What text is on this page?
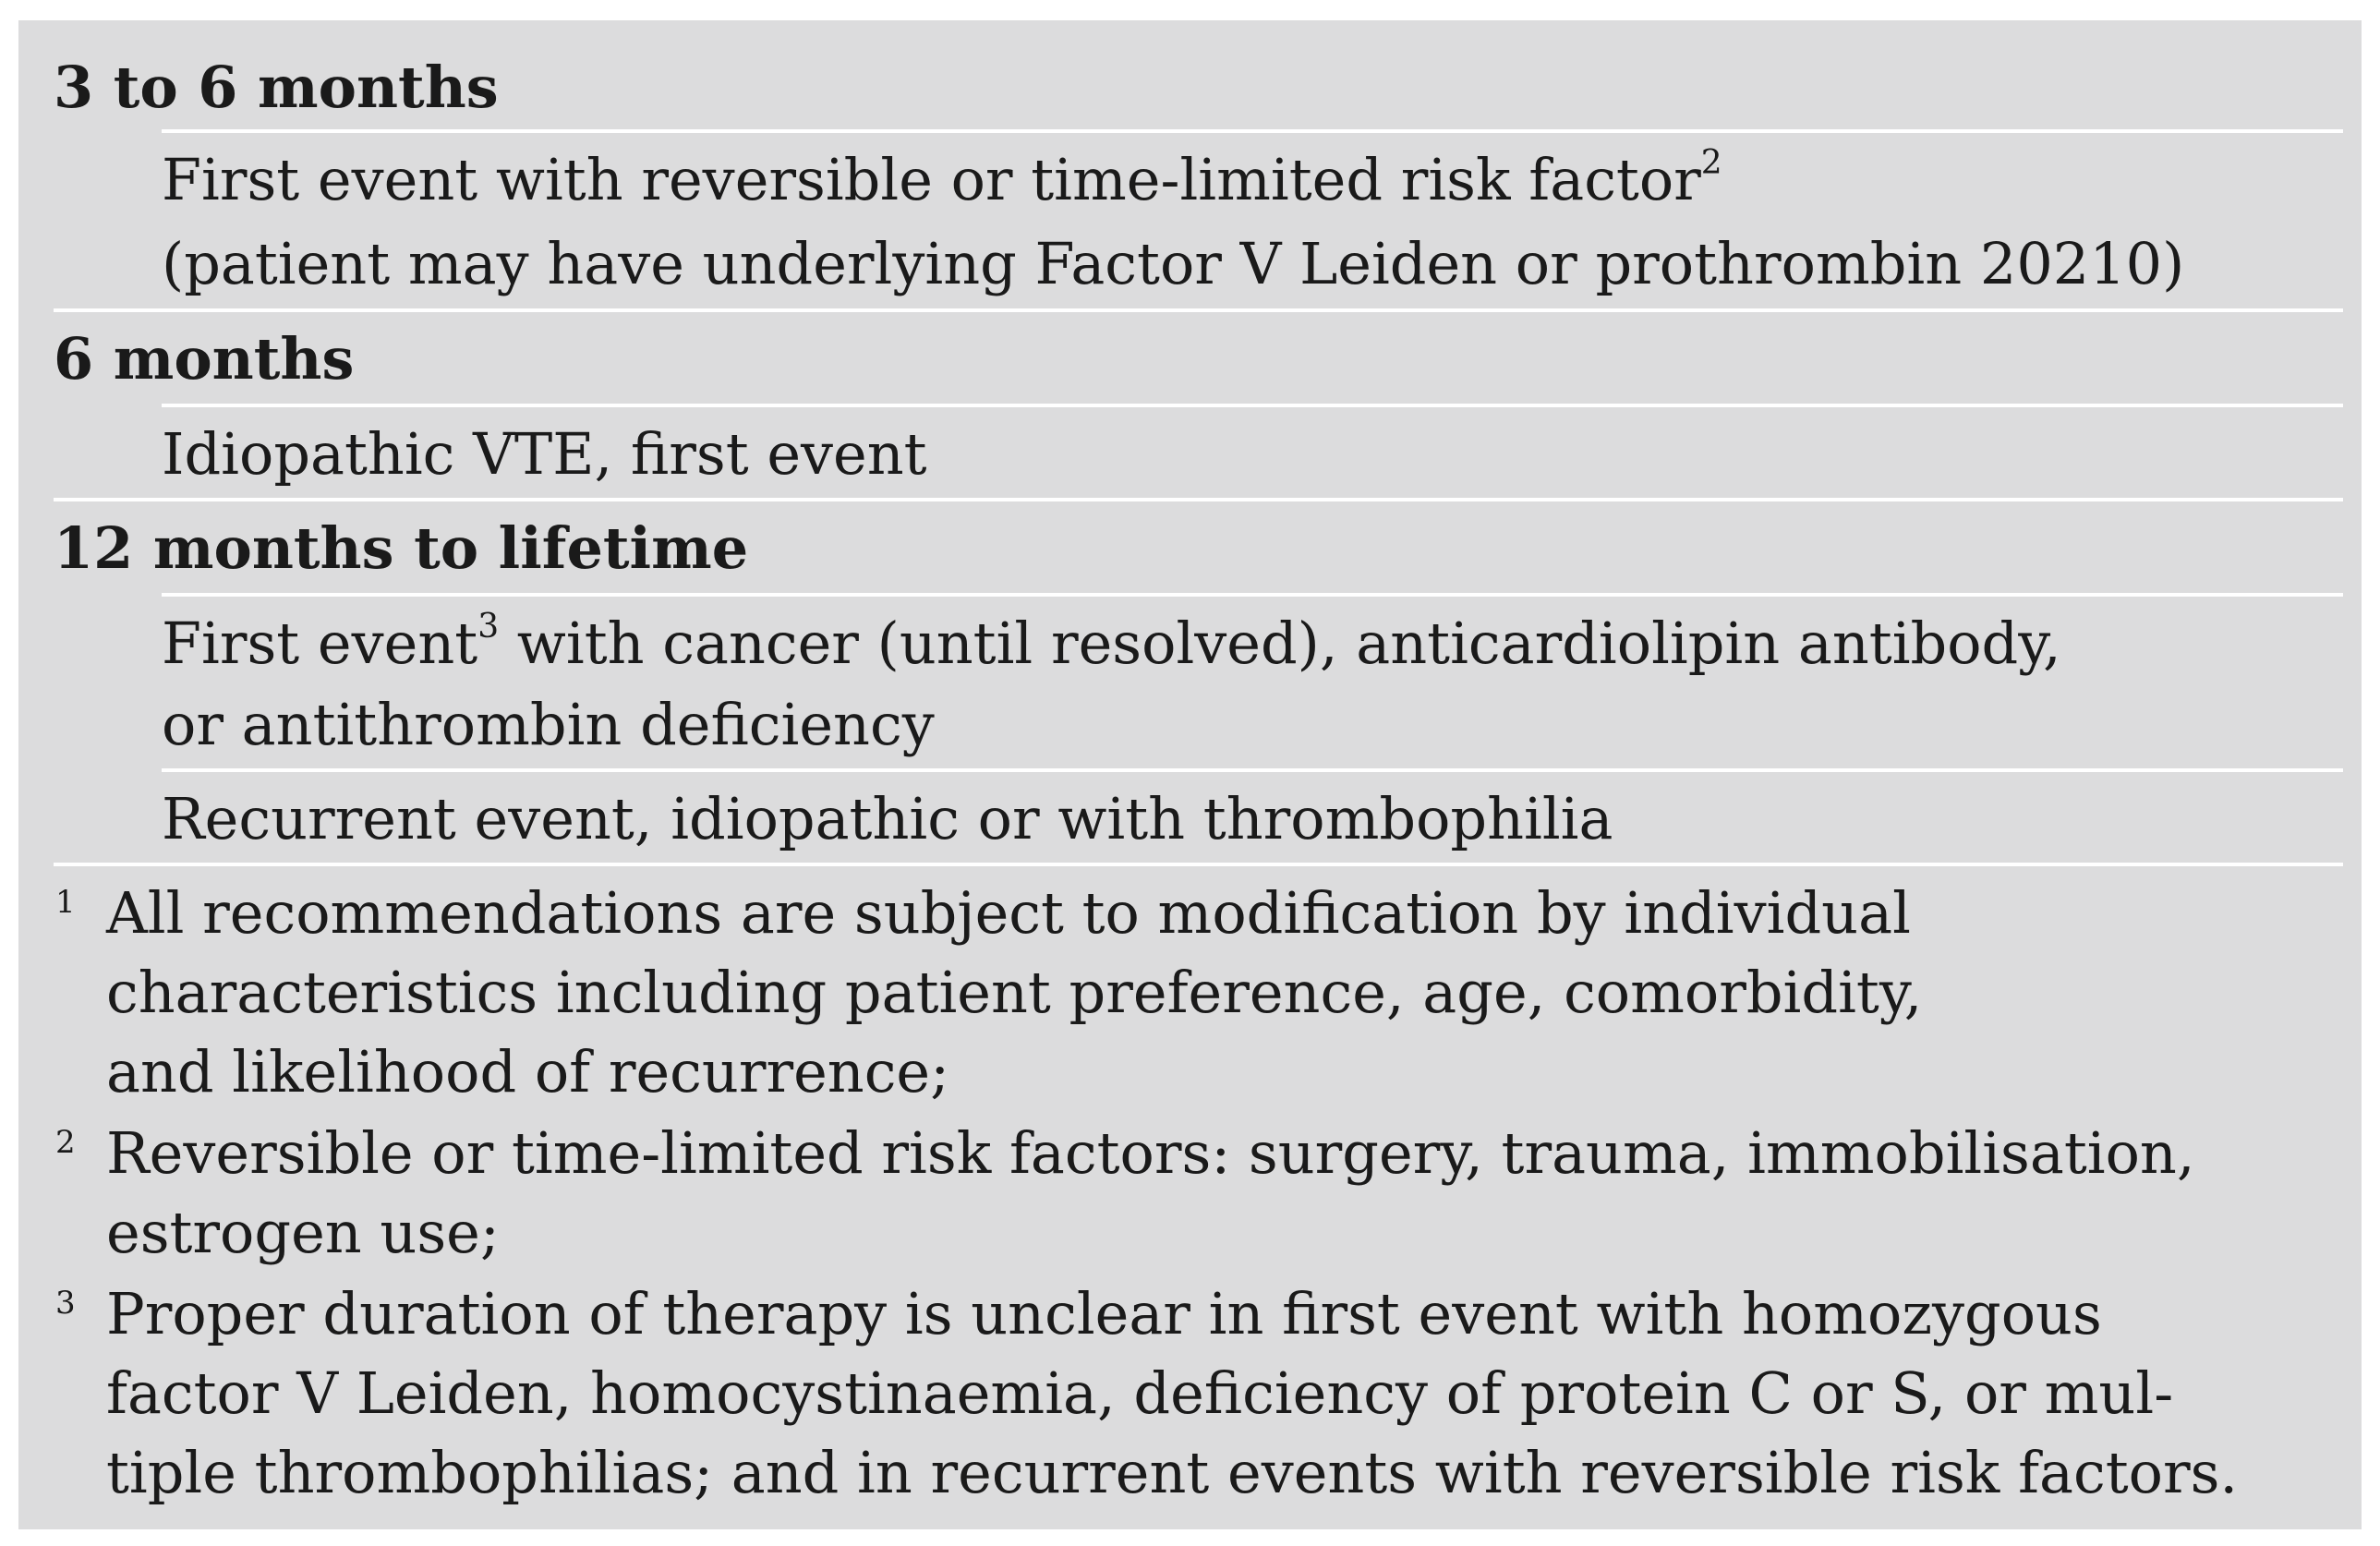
3 to 6 months
First event with reversible or time-limited risk factor$^2$
(patient may have underlying Factor V Leiden or prothrombin 20210)
6 months
Idiopathic VTE, first event
12 months to lifetime
First event$^3$ with cancer (until resolved), anticardiolipin antibody,
or antithrombin deficiency
Recurrent event, idiopathic or with thrombophilia
1 All recommendations are subject to modification by individual
characteristics including patient preference, age, comorbidity,
and likelihood of recurrence;
2 Reversible or time-limited risk factors: surgery, trauma, immobilisation,
estrogen use;
3 Proper duration of therapy is unclear in first event with homozygous
factor V Leiden, homocystinaemia, deficiency of protein C or S, or mul-
tiple thrombophilias; and in recurrent events with reversible risk factors.
